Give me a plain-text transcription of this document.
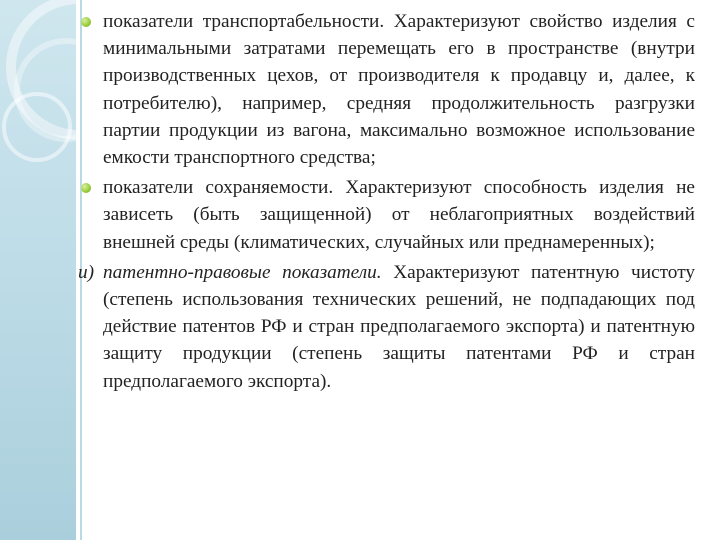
показатели транспортабельности. Характеризуют свойство изделия с минимальными затратами перемещать его в пространстве (внутри производственных цехов, от производителя к продавцу и, далее, к потребителю), например, средняя продолжительность разгрузки партии продукции из вагона, максимально возможное использование емкости транспортного средства;

показатели сохраняемости. Характеризуют способность изделия не зависеть (быть защищенной) от неблагоприятных воздействий внешней среды (климатических, случайных или преднамеренных);

и) патентно-правовые показатели. Характеризуют патентную чистоту (степень использования технических решений, не подпадающих под действие патентов РФ и стран предполагаемого экспорта) и патентную защиту продукции (степень защиты патентами РФ и стран предполагаемого экспорта).
